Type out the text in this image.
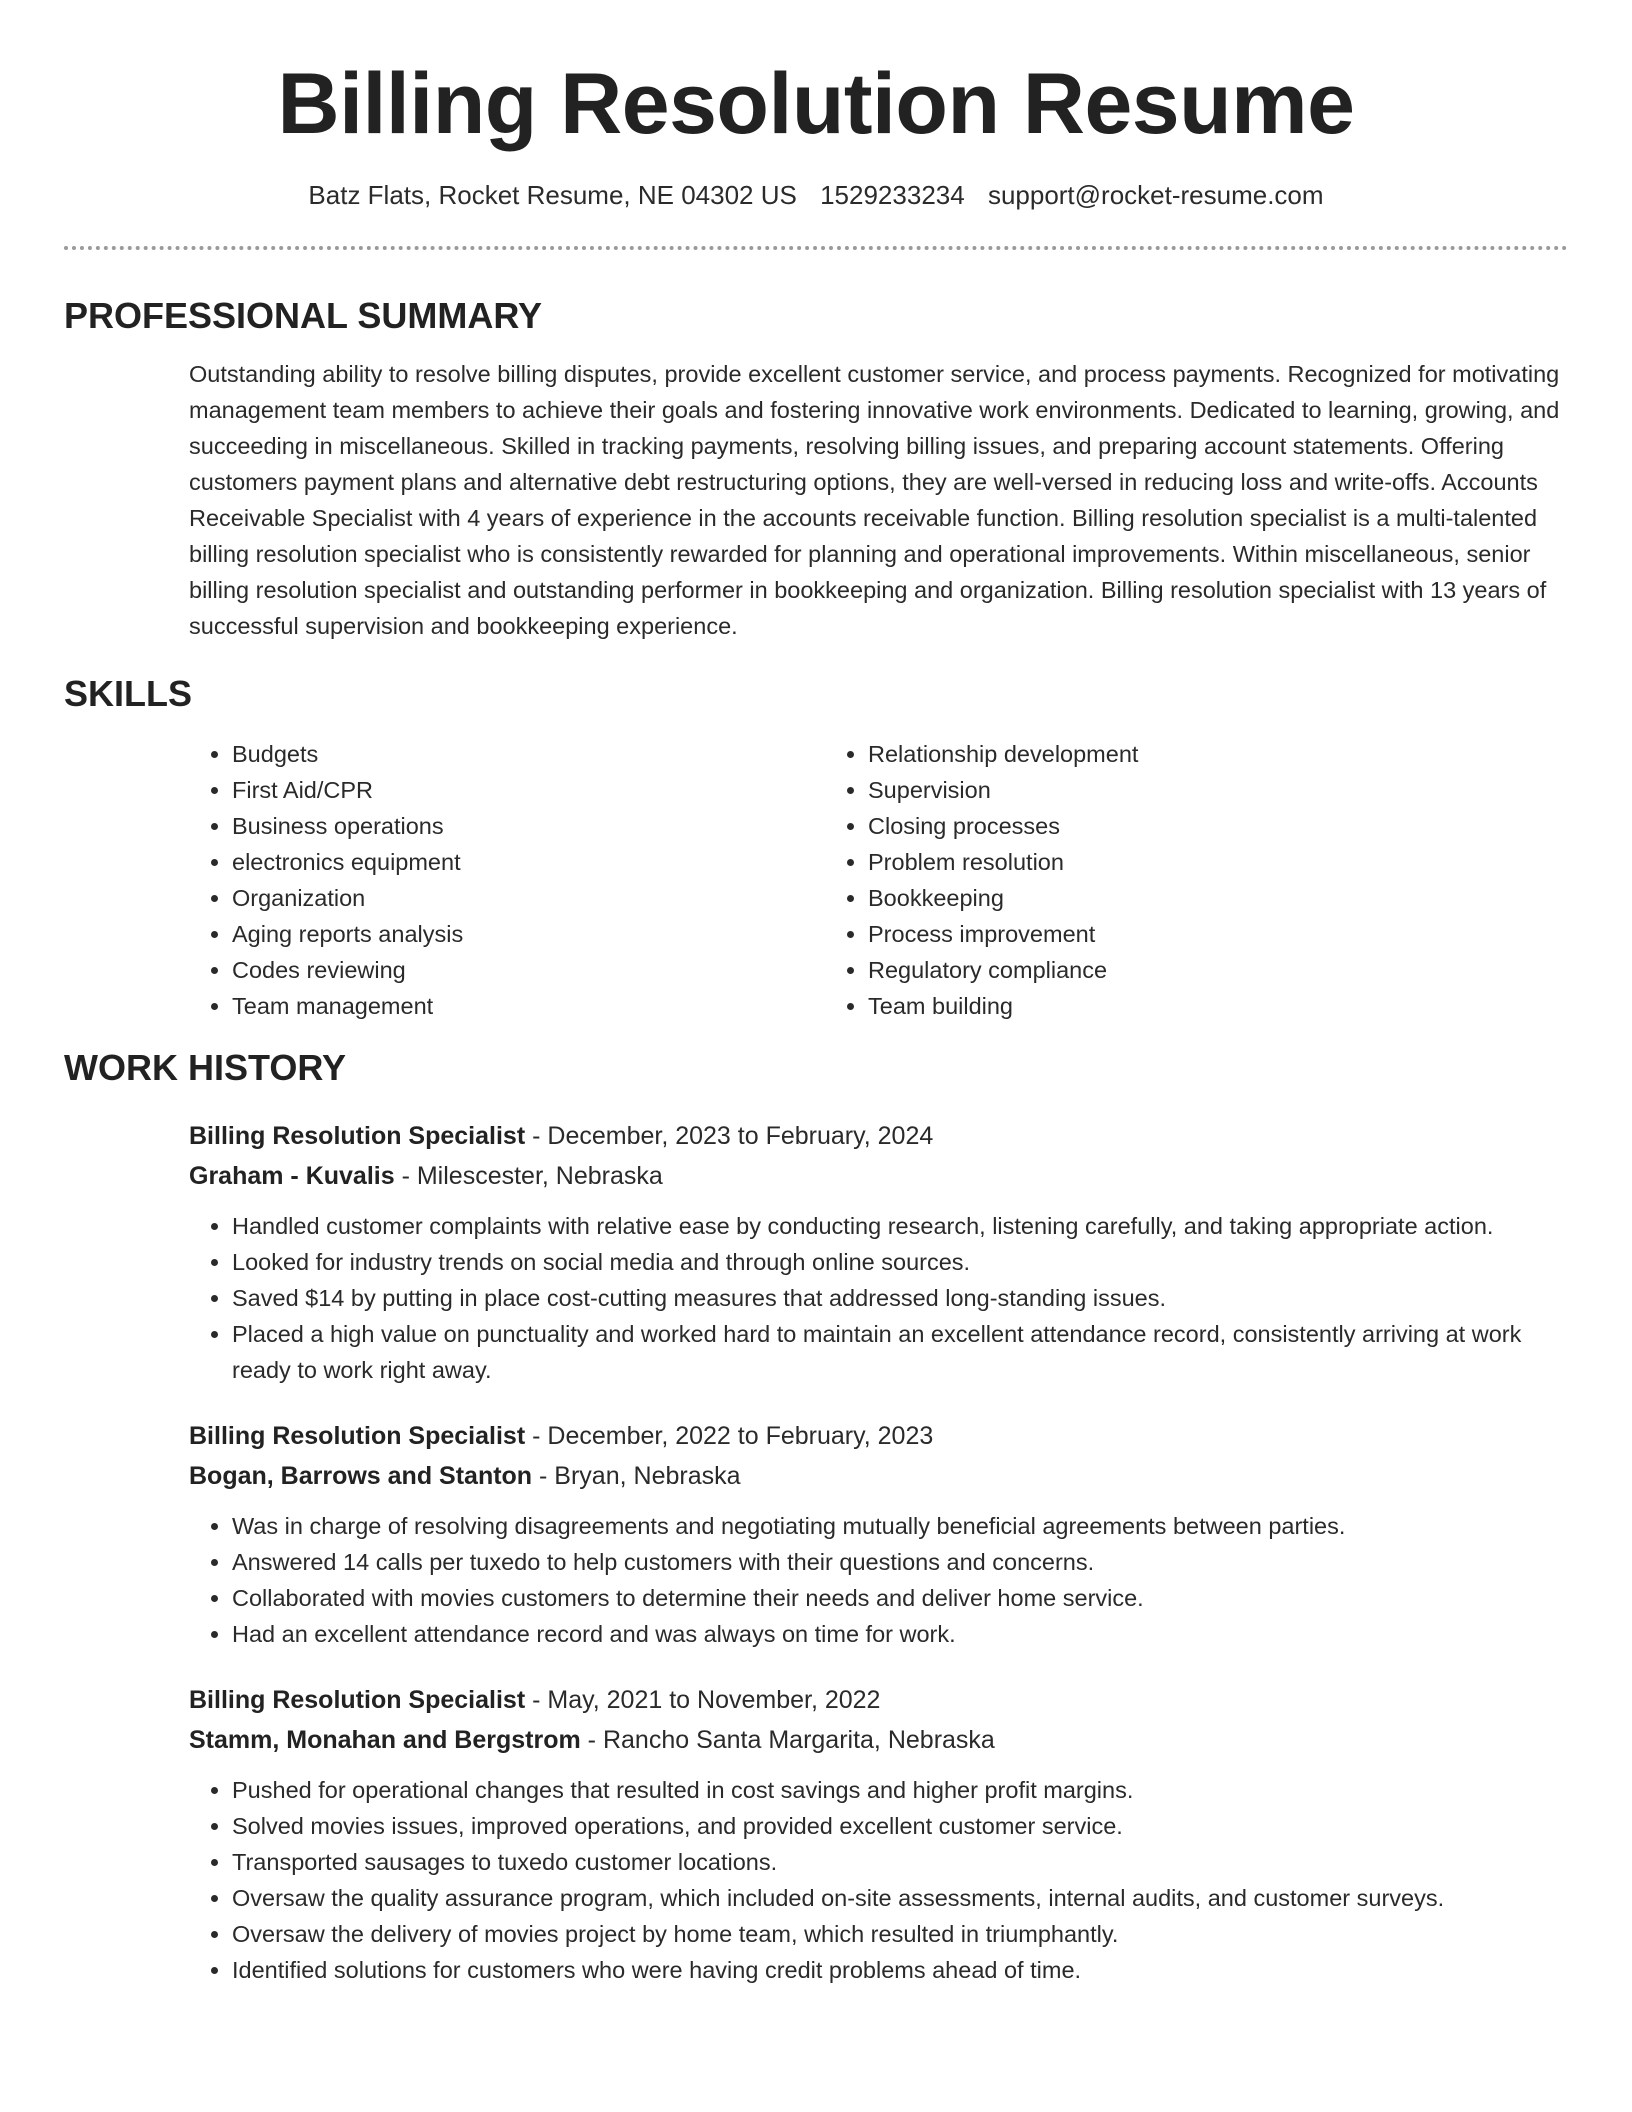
Billing Resolution Resume
Batz Flats, Rocket Resume, NE 04302 US 1529233234 support@rocket-resume.com
PROFESSIONAL SUMMARY

Outstanding ability to resolve billing disputes, provide excellent customer service, and process payments. Recognized for motivating management team members to achieve their goals and fostering innovative work environments. Dedicated to learning, growing, and succeeding in miscellaneous. Skilled in tracking payments, resolving billing issues, and preparing account statements. Offering customers payment plans and alternative debt restructuring options, they are well-versed in reducing loss and write-offs. Accounts Receivable Specialist with 4 years of experience in the accounts receivable function. Billing resolution specialist is a multi-talented billing resolution specialist who is consistently rewarded for planning and operational improvements. Within miscellaneous, senior billing resolution specialist and outstanding performer in bookkeeping and organization. Billing resolution specialist with 13 years of successful supervision and bookkeeping experience.

SKILLS
• Budgets
• First Aid/CPR
• Business operations
• electronics equipment
• Organization
• Aging reports analysis
• Codes reviewing
• Team management
• Relationship development
• Supervision
• Closing processes
• Problem resolution
• Bookkeeping
• Process improvement
• Regulatory compliance
• Team building
WORK HISTORY
Billing Resolution Specialist - December, 2023 to February, 2024
Graham - Kuvalis - Milescester, Nebraska
• Handled customer complaints with relative ease by conducting research, listening carefully, and taking appropriate action.
• Looked for industry trends on social media and through online sources.
• Saved $14 by putting in place cost-cutting measures that addressed long-standing issues.
• Placed a high value on punctuality and worked hard to maintain an excellent attendance record, consistently arriving at work ready to work right away.
Billing Resolution Specialist - December, 2022 to February, 2023
Bogan, Barrows and Stanton - Bryan, Nebraska
• Was in charge of resolving disagreements and negotiating mutually beneficial agreements between parties.
• Answered 14 calls per tuxedo to help customers with their questions and concerns.
• Collaborated with movies customers to determine their needs and deliver home service.
• Had an excellent attendance record and was always on time for work.
Billing Resolution Specialist - May, 2021 to November, 2022
Stamm, Monahan and Bergstrom - Rancho Santa Margarita, Nebraska
• Pushed for operational changes that resulted in cost savings and higher profit margins.
• Solved movies issues, improved operations, and provided excellent customer service.
• Transported sausages to tuxedo customer locations.
• Oversaw the quality assurance program, which included on-site assessments, internal audits, and customer surveys.
• Oversaw the delivery of movies project by home team, which resulted in triumphantly.
• Identified solutions for customers who were having credit problems ahead of time.
